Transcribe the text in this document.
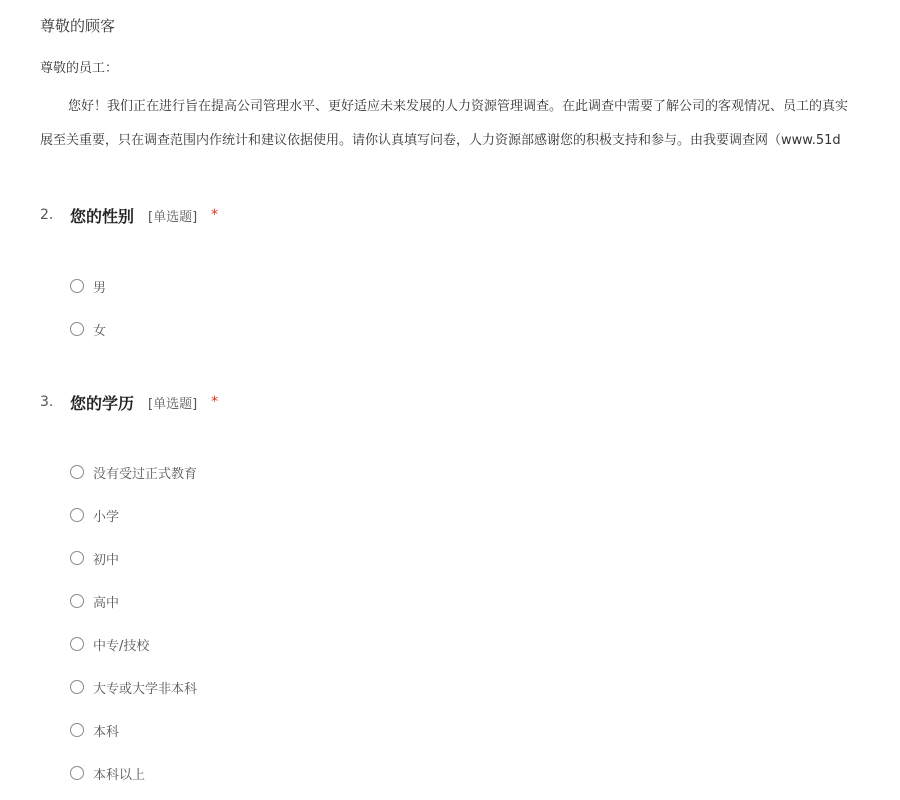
尊敬的顾客
尊敬的员工：
您好！我们正在进行旨在提高公司管理水平、更好适应未来发展的人力资源管理调查。在此调查中需要了解公司的客观情况、员工的真实
展至关重要，只在调查范围内作统计和建议依据使用。请你认真填写问卷，人力资源部感谢您的积极支持和参与。由我要调查网（www.51d
2.	您的性别 [单选题] *
男
女
3.	您的学历 [单选题] *
没有受过正式教育
小学
初中
高中
中专/技校
大专或大学非本科
本科
本科以上
